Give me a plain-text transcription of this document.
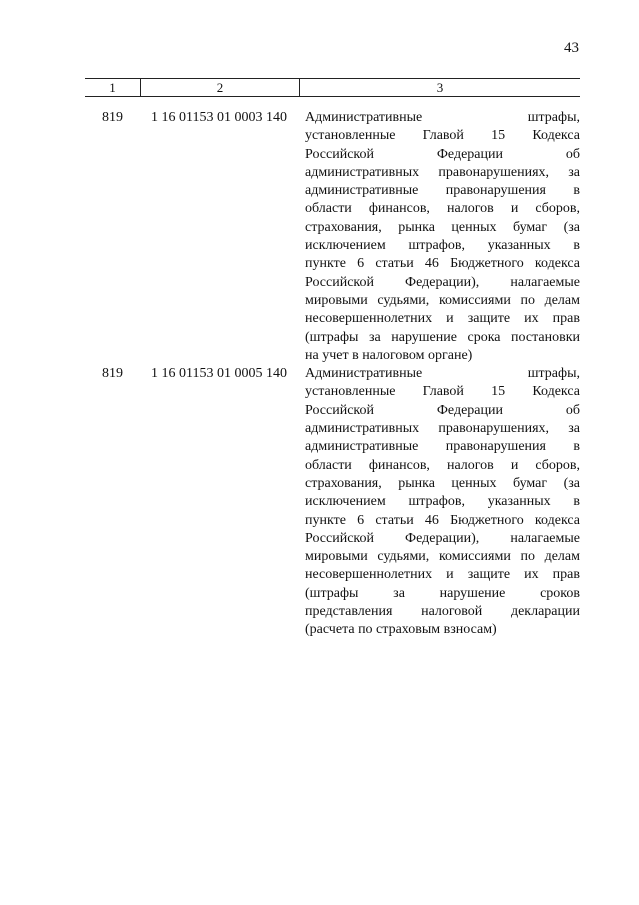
43
1	2	3
819	1 16 01153 01 0003 140	Административные штрафы,
установленные Главой 15 Кодекса
Российской Федерации об
административных правонарушениях, за
административные правонарушения в
области финансов, налогов и сборов,
страхования, рынка ценных бумаг (за
исключением штрафов, указанных в
пункте 6 статьи 46 Бюджетного кодекса
Российской Федерации), налагаемые
мировыми судьями, комиссиями по делам
несовершеннолетних и защите их прав
(штрафы за нарушение срока постановки
на учет в налоговом органе)
819	1 16 01153 01 0005 140	Административные штрафы,
установленные Главой 15 Кодекса
Российской Федерации об
административных правонарушениях, за
административные правонарушения в
области финансов, налогов и сборов,
страхования, рынка ценных бумаг (за
исключением штрафов, указанных в
пункте 6 статьи 46 Бюджетного кодекса
Российской Федерации), налагаемые
мировыми судьями, комиссиями по делам
несовершеннолетних и защите их прав
(штрафы за нарушение сроков
представления налоговой декларации
(расчета по страховым взносам)
